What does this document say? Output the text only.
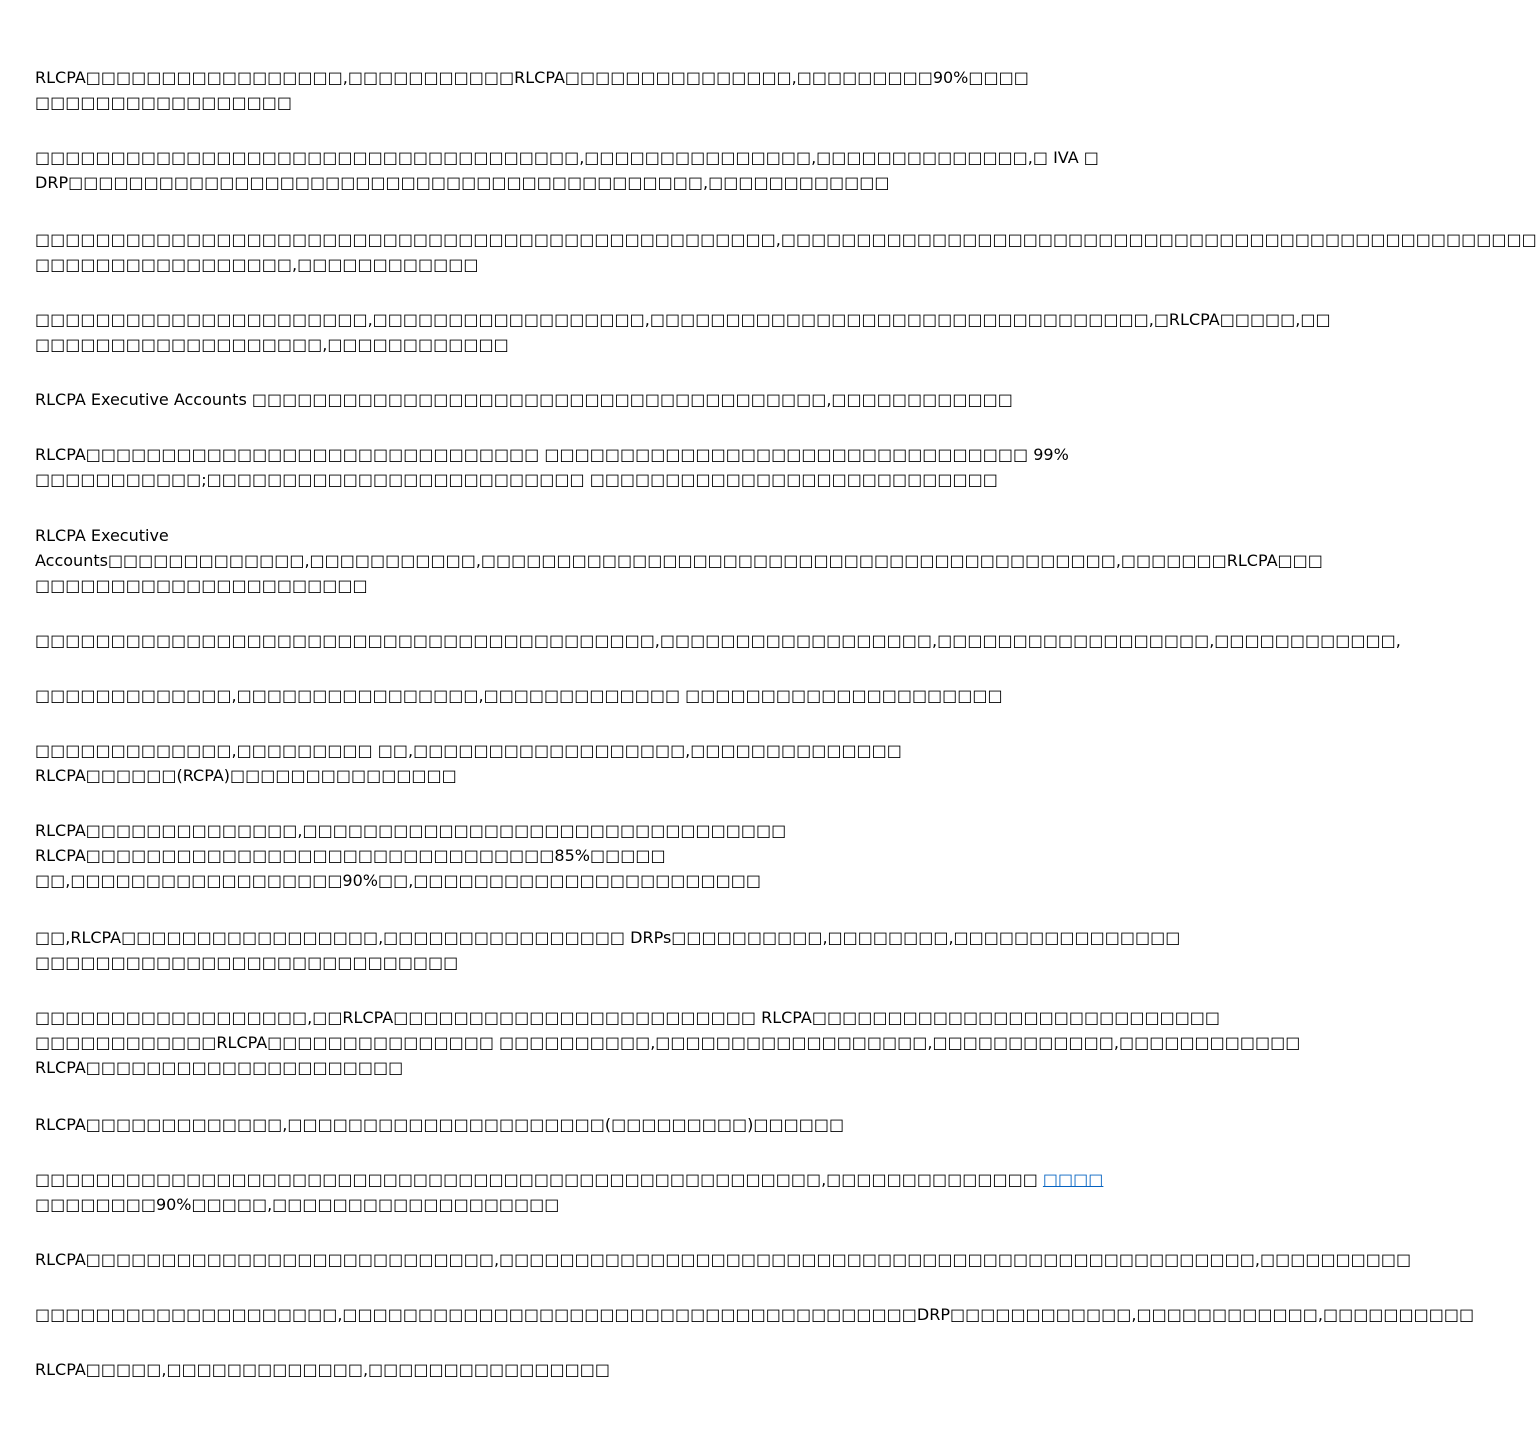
RLCPA□□□□□□□□□□□□□□□□□,□□□□□□□□□□□RLCPA□□□□□□□□□□□□□□□,□□□□□□□□□90%□□□□
□□□□□□□□□□□□□□□□□
□□□□□□□□□□□□□□□□□□□□□□□□□□□□□□□□□□□□,□□□□□□□□□□□□□□□,□□□□□□□□□□□□□□,□ IVA □
DRP□□□□□□□□□□□□□□□□□□□□□□□□□□□□□□□□□□□□□□□□□□,□□□□□□□□□□□□
□□□□□□□□□□□□□□□□□□□□□□□□□□□□□□□□□□□□□□□□□□□□□□□□□,□□□□□□□□□□□□□□□□□□□□□□□□□□□□□□□□□□□□□□□□□□□□□□□□□□
□□□□□□□□□□□□□□□□□,□□□□□□□□□□□□
□□□□□□□□□□□□□□□□□□□□□□,□□□□□□□□□□□□□□□□□□,□□□□□□□□□□□□□□□□□□□□□□□□□□□□□□□□□,□RLCPA□□□□□,□□
□□□□□□□□□□□□□□□□□□□,□□□□□□□□□□□□
RLCPA Executive Accounts □□□□□□□□□□□□□□□□□□□□□□□□□□□□□□□□□□□□□□,□□□□□□□□□□□□
RLCPA□□□□□□□□□□□□□□□□□□□□□□□□□□□□□□ □□□□□□□□□□□□□□□□□□□□□□□□□□□□□□□□ 99%
□□□□□□□□□□□;□□□□□□□□□□□□□□□□□□□□□□□□□ □□□□□□□□□□□□□□□□□□□□□□□□□□□
RLCPA Executive
Accounts□□□□□□□□□□□□□,□□□□□□□□□□□,□□□□□□□□□□□□□□□□□□□□□□□□□□□□□□□□□□□□□□□□□□,□□□□□□□RLCPA□□□
□□□□□□□□□□□□□□□□□□□□□□
□□□□□□□□□□□□□□□□□□□□□□□□□□□□□□□□□□□□□□□□□,□□□□□□□□□□□□□□□□□□,□□□□□□□□□□□□□□□□□□,□□□□□□□□□□□□,
□□□□□□□□□□□□□,□□□□□□□□□□□□□□□□,□□□□□□□□□□□□□ □□□□□□□□□□□□□□□□□□□□□
□□□□□□□□□□□□□,□□□□□□□□□ □□,□□□□□□□□□□□□□□□□□□,□□□□□□□□□□□□□□
RLCPA□□□□□□(RCPA)□□□□□□□□□□□□□□□
RLCPA□□□□□□□□□□□□□□,□□□□□□□□□□□□□□□□□□□□□□□□□□□□□□□□
RLCPA□□□□□□□□□□□□□□□□□□□□□□□□□□□□□□□85%□□□□□
□□,□□□□□□□□□□□□□□□□□□90%□□,□□□□□□□□□□□□□□□□□□□□□□□
□□,RLCPA□□□□□□□□□□□□□□□□□,□□□□□□□□□□□□□□□□ DRPs□□□□□□□□□□,□□□□□□□□,□□□□□□□□□□□□□□□
□□□□□□□□□□□□□□□□□□□□□□□□□□□□
□□□□□□□□□□□□□□□□□□,□□RLCPA□□□□□□□□□□□□□□□□□□□□□□□□ RLCPA□□□□□□□□□□□□□□□□□□□□□□□□□□□
□□□□□□□□□□□□RLCPA□□□□□□□□□□□□□□□ □□□□□□□□□□,□□□□□□□□□□□□□□□□□□,□□□□□□□□□□□□,□□□□□□□□□□□□
RLCPA□□□□□□□□□□□□□□□□□□□□□
RLCPA□□□□□□□□□□□□□,□□□□□□□□□□□□□□□□□□□□□(□□□□□□□□□)□□□□□□
□□□□□□□□□□□□□□□□□□□□□□□□□□□□□□□□□□□□□□□□□□□□□□□□□□□□,□□□□□□□□□□□□□□ □□□□
□□□□□□□□90%□□□□□,□□□□□□□□□□□□□□□□□□□
RLCPA□□□□□□□□□□□□□□□□□□□□□□□□□□□,□□□□□□□□□□□□□□□□□□□□□□□□□□□□□□□□□□□□□□□□□□□□□□□□□□,□□□□□□□□□□
□□□□□□□□□□□□□□□□□□□□,□□□□□□□□□□□□□□□□□□□□□□□□□□□□□□□□□□□□□□DRP□□□□□□□□□□□□,□□□□□□□□□□□□,□□□□□□□□□□
RLCPA□□□□□,□□□□□□□□□□□□□,□□□□□□□□□□□□□□□□
